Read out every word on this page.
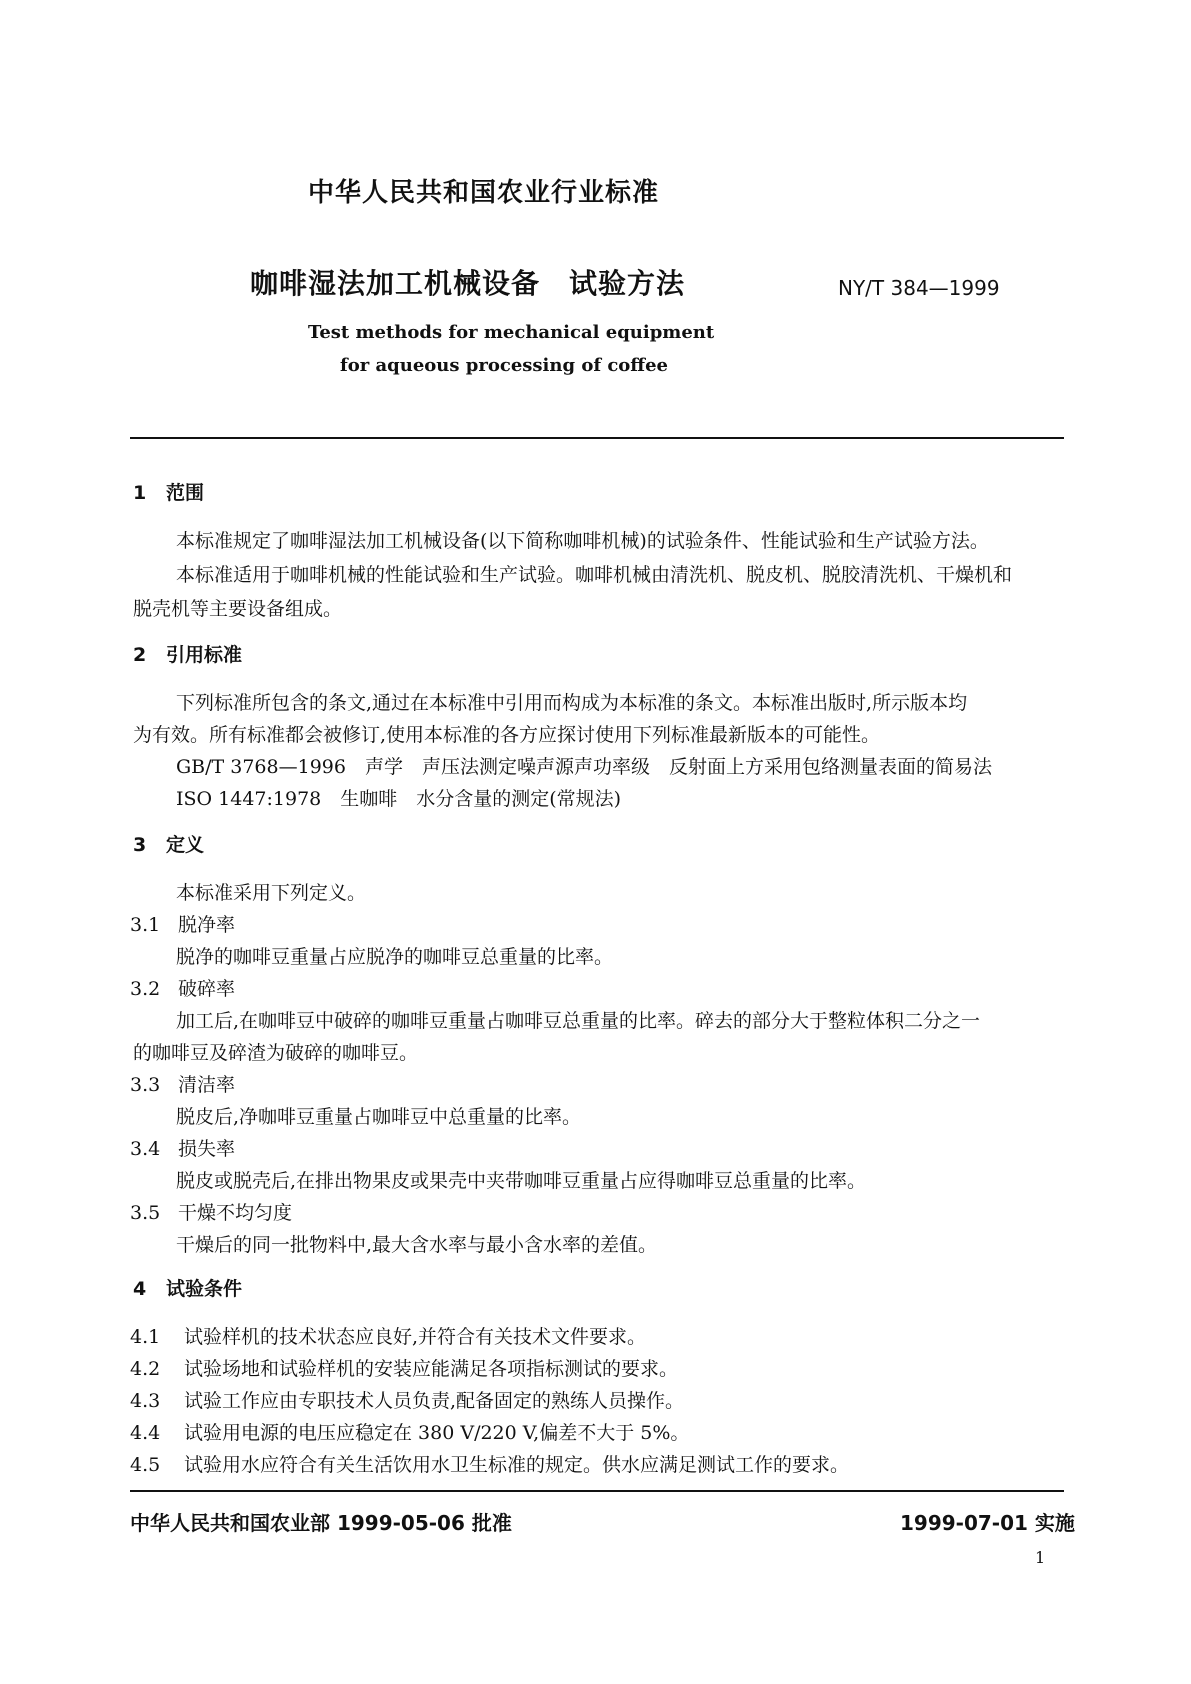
中华人民共和国农业行业标准
咖啡湿法加工机械设备　试验方法	NY/T 384—1999
Test methods for mechanical equipment
for aqueous processing of coffee
1 范围
本标准规定了咖啡湿法加工机械设备(以下简称咖啡机械)的试验条件、性能试验和生产试验方法。
本标准适用于咖啡机械的性能试验和生产试验。咖啡机械由清洗机、脱皮机、脱胶清洗机、干燥机和
脱壳机等主要设备组成。
2 引用标准
下列标准所包含的条文,通过在本标准中引用而构成为本标准的条文。本标准出版时,所示版本均
为有效。所有标准都会被修订,使用本标准的各方应探讨使用下列标准最新版本的可能性。
GB/T 3768—1996　声学　声压法测定噪声源声功率级　反射面上方采用包络测量表面的简易法
ISO 1447:1978　生咖啡　水分含量的测定(常规法)
3 定义
本标准采用下列定义。
3.1 脱净率
脱净的咖啡豆重量占应脱净的咖啡豆总重量的比率。
3.2 破碎率
加工后,在咖啡豆中破碎的咖啡豆重量占咖啡豆总重量的比率。碎去的部分大于整粒体积二分之一
的咖啡豆及碎渣为破碎的咖啡豆。
3.3 清洁率
脱皮后,净咖啡豆重量占咖啡豆中总重量的比率。
3.4 损失率
脱皮或脱壳后,在排出物果皮或果壳中夹带咖啡豆重量占应得咖啡豆总重量的比率。
3.5 干燥不均匀度
干燥后的同一批物料中,最大含水率与最小含水率的差值。
4 试验条件
4.1 试验样机的技术状态应良好,并符合有关技术文件要求。
4.2 试验场地和试验样机的安装应能满足各项指标测试的要求。
4.3 试验工作应由专职技术人员负责,配备固定的熟练人员操作。
4.4 试验用电源的电压应稳定在 380 V/220 V,偏差不大于 5%。
4.5 试验用水应符合有关生活饮用水卫生标准的规定。供水应满足测试工作的要求。
中华人民共和国农业部 1999-05-06 批准	1999-07-01 实施
1
